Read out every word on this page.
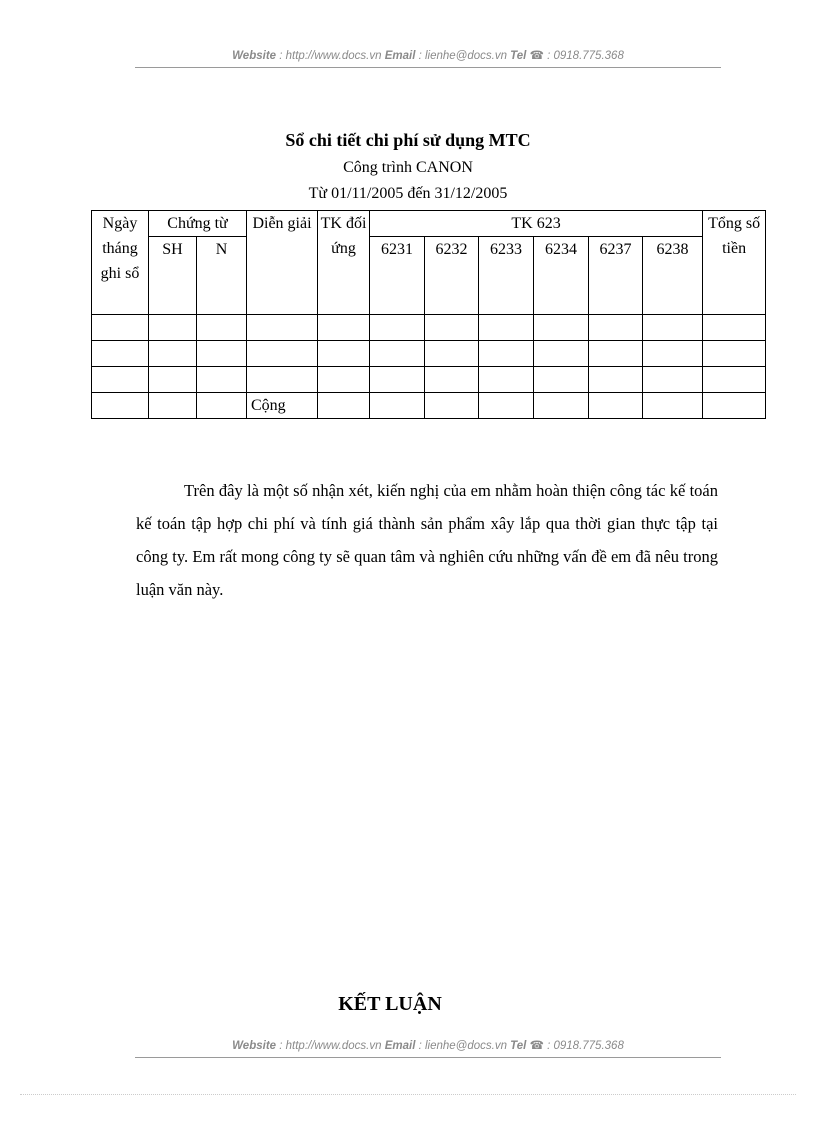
Website : http://www.docs.vn Email : lienhe@docs.vn Tel ☎ : 0918.775.368
Sổ chi tiết chi phí sử dụng MTC
Công trình CANON
Từ 01/11/2005 đến 31/12/2005
Ngày tháng ghi sổ	Chứng từ		Diễn giải	TK đối ứng	TK 623						Tổng số tiền
	SH	N			6231	6232	6233	6234	6237	6238	

			Cộng								

Trên đây là một số nhận xét, kiến nghị của em nhằm hoàn thiện công tác kế toán kế toán tập hợp chi phí và tính giá thành sản phẩm xây lắp qua thời gian thực tập tại công ty. Em rất mong công ty sẽ quan tâm và nghiên cứu những vấn đề em đã nêu trong luận văn này.

KẾT LUẬN
Website : http://www.docs.vn Email : lienhe@docs.vn Tel ☎ : 0918.775.368
